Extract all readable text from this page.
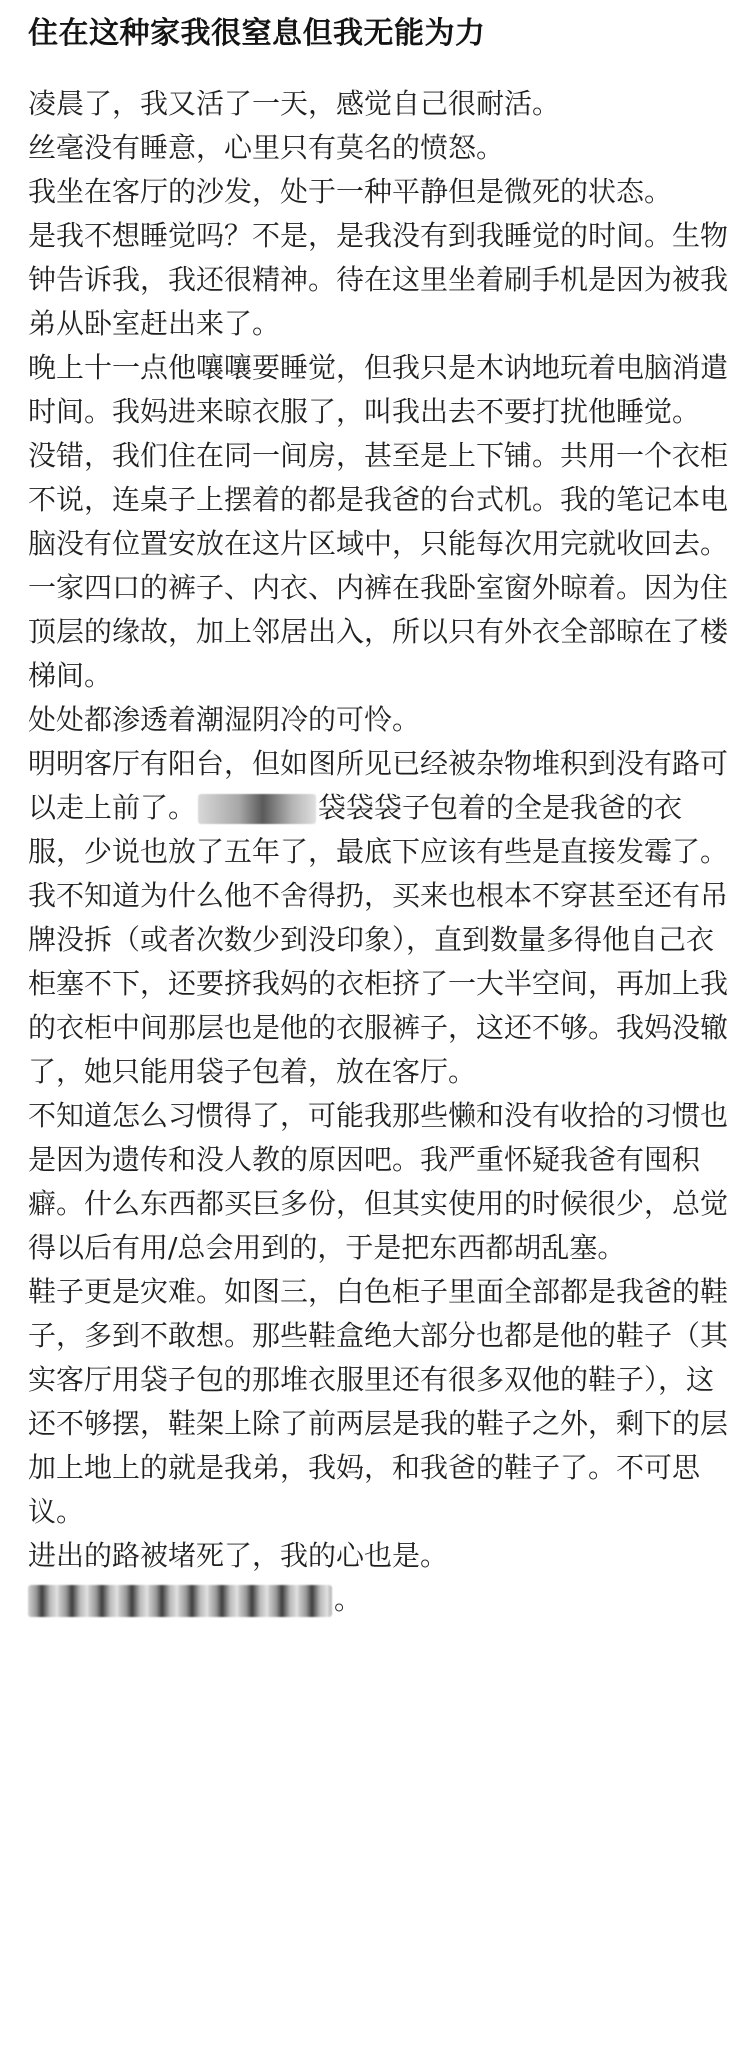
住在这种家我很窒息但我无能为力

凌晨了，我又活了一天，感觉自己很耐活。

丝毫没有睡意，心里只有莫名的愤怒。

我坐在客厅的沙发，处于一种平静但是微死的状态。

是我不想睡觉吗？不是，是我没有到我睡觉的时间。生物钟告诉我，我还很精神。待在这里坐着刷手机是因为被我弟从卧室赶出来了。

晚上十一点他嚷嚷要睡觉，但我只是木讷地玩着电脑消遣时间。我妈进来晾衣服了，叫我出去不要打扰他睡觉。

没错，我们住在同一间房，甚至是上下铺。共用一个衣柜不说，连桌子上摆着的都是我爸的台式机。我的笔记本电脑没有位置安放在这片区域中，只能每次用完就收回去。

一家四口的裤子、内衣、内裤在我卧室窗外晾着。因为住顶层的缘故，加上邻居出入，所以只有外衣全部晾在了楼梯间。

处处都渗透着潮湿阴冷的可怜。

明明客厅有阳台，但如图所见已经被杂物堆积到没有路可以走上前了。	袋袋袋子包着的全是我爸的衣服，少说也放了五年了，最底下应该有些是直接发霉了。我不知道为什么他不舍得扔，买来也根本不穿甚至还有吊牌没拆（或者次数少到没印象），直到数量多得他自己衣柜塞不下，还要挤我妈的衣柜挤了一大半空间，再加上我的衣柜中间那层也是他的衣服裤子，这还不够。我妈没辙了，她只能用袋子包着，放在客厅。

不知道怎么习惯得了，可能我那些懒和没有收拾的习惯也是因为遗传和没人教的原因吧。我严重怀疑我爸有囤积癖。什么东西都买巨多份，但其实使用的时候很少，总觉得以后有用/总会用到的，于是把东西都胡乱塞。

鞋子更是灾难。如图三，白色柜子里面全部都是我爸的鞋子，多到不敢想。那些鞋盒绝大部分也都是他的鞋子（其实客厅用袋子包的那堆衣服里还有很多双他的鞋子），这还不够摆，鞋架上除了前两层是我的鞋子之外，剩下的层加上地上的就是我弟，我妈，和我爸的鞋子了。不可思议。

进出的路被堵死了，我的心也是。

。
